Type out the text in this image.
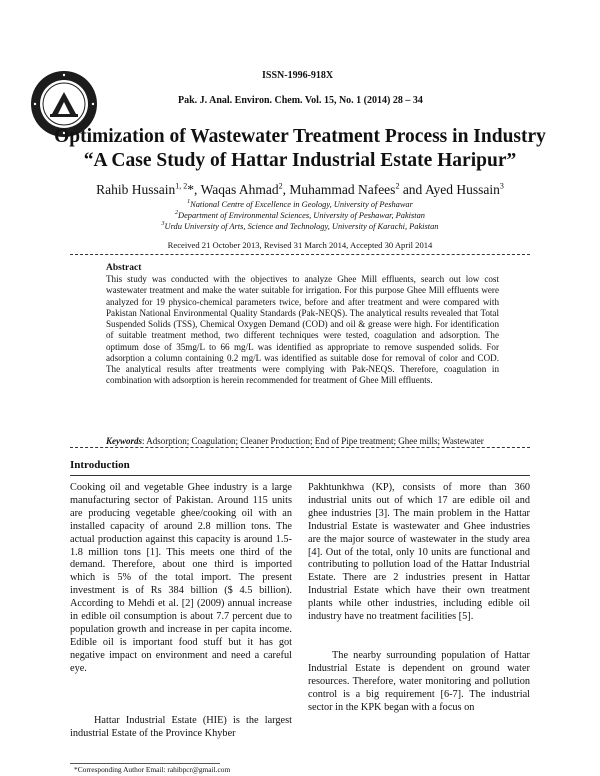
ISSN-1996-918X
Pak. J. Anal. Environ. Chem. Vol. 15, No. 1 (2014) 28 – 34
Optimization of Wastewater Treatment Process in Industry
“A Case Study of Hattar Industrial Estate Haripur”
Rahib Hussain$^{1, 2}$*, Waqas Ahmad$^2$, Muhammad Nafees$^2$ and Ayed Hussain$^3$
$^1$National Centre of Excellence in Geology, University of Peshawar
$^2$Department of Environmental Sciences, University of Peshawar, Pakistan
$^3$Urdu University of Arts, Science and Technology, University of Karachi, Pakistan
Received 21 October 2013, Revised 31 March 2014, Accepted 30 April 2014
Abstract
This study was conducted with the objectives to analyze Ghee Mill effluents, search out low cost wastewater treatment and make the water suitable for irrigation. For this purpose Ghee Mill effluents were analyzed for 19 physico-chemical parameters twice, before and after treatment and were compared with Pakistan National Environmental Quality Standards (Pak-NEQS). The analytical results revealed that Total Suspended Solids (TSS), Chemical Oxygen Demand (COD) and oil & grease were high. For identification of suitable treatment method, two different techniques were tested, coagulation and adsorption. The optimum dose of 35mg/L to 66 mg/L was identified as appropriate to remove suspended solids. For adsorption a column containing 0.2 mg/L was identified as suitable dose for removal of color and COD. The analytical results after treatments were complying with Pak-NEQS. Therefore, coagulation in combination with adsorption is herein recommended for treatment of Ghee Mill effluents.
Keywords: Adsorption; Coagulation; Cleaner Production; End of Pipe treatment; Ghee mills; Wastewater
Introduction
Cooking oil and vegetable Ghee industry is a large manufacturing sector of Pakistan. Around 115 units are producing vegetable ghee/cooking oil with an installed capacity of around 2.8 million tons. The actual production against this capacity is around 1.5-1.8 million tons [1]. This meets one third of the demand. Therefore, about one third is imported which is 5% of the total import. The present investment is of Rs 384 billion ($ 4.5 billion). According to Mehdi et al. [2] (2009) annual increase in edible oil consumption is about 7.7 percent due to population growth and increase in per capita income. Edible oil is important food stuff but it has got negative impact on environment and need a careful eye.
Hattar Industrial Estate (HIE) is the largest industrial Estate of the Province Khyber
Pakhtunkhwa (KP), consists of more than 360 industrial units out of which 17 are edible oil and ghee industries [3]. The main problem in the Hattar Industrial Estate is wastewater and Ghee industries are the major source of wastewater in the study area [4]. Out of the total, only 10 units are functional and contributing to pollution load of the Hattar Industrial Estate. There are 2 industries present in Hattar Industrial Estate which have their own treatment plants while other industries, including edible oil industry have no treatment facilities [5].
The nearby surrounding population of Hattar Industrial Estate is dependent on ground water resources. Therefore, water monitoring and pollution control is a big requirement [6-7]. The industrial sector in the KPK began with a focus on
*Corresponding Author Email: rahibpcr@gmail.com
